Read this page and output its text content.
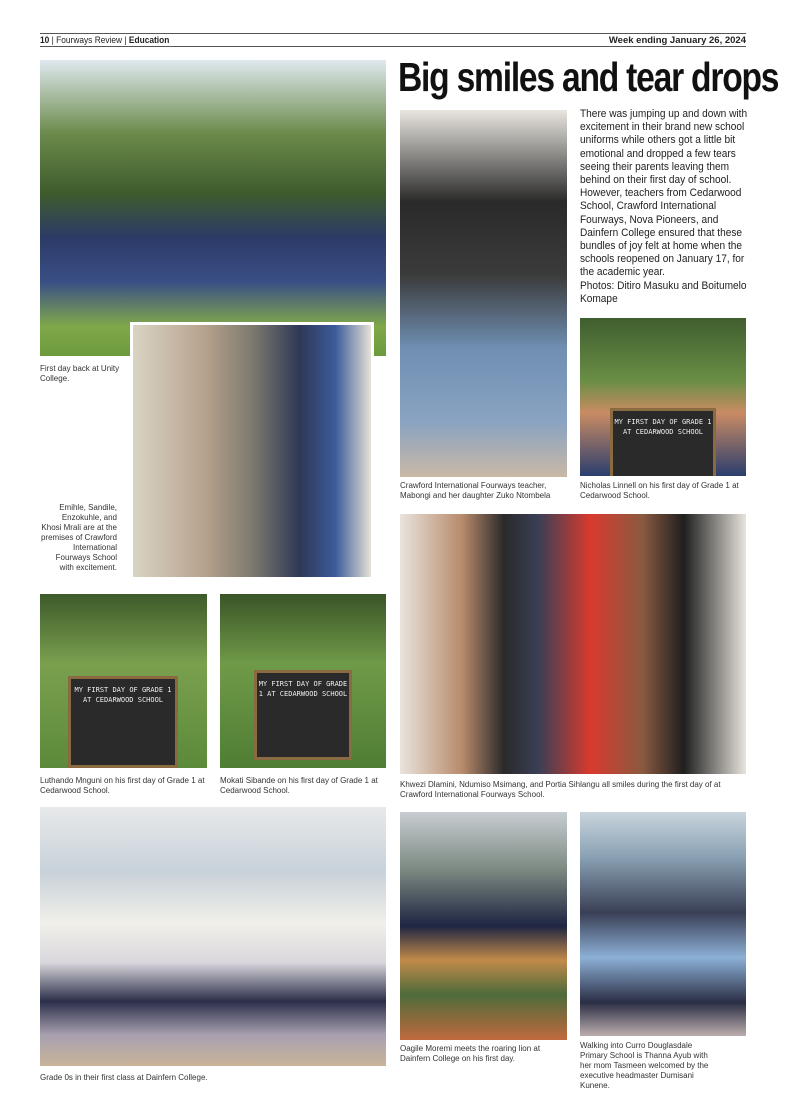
10 | Fourways Review | Education	Week ending January 26, 2024
Big smiles and tear drops
First day back at Unity College.
Emihle, Sandile, Enzokuhle, and Khosi Mrali are at the premises of Crawford International Fourways School with excitement.
Crawford International Fourways teacher, Mabongi and her daughter Zuko Ntombela
There was jumping up and down with excitement in their brand new school uniforms while others got a little bit emotional and dropped a few tears seeing their parents leaving them behind on their first day of school. However, teachers from Cedarwood School, Crawford International Fourways, Nova Pioneers, and Dainfern College ensured that these bundles of joy felt at home when the schools reopened on January 17, for the academic year.
Photos: Ditiro Masuku and Boitumelo Komape
MY FIRST DAY OF GRADE 1 AT CEDARWOOD SCHOOL
Nicholas Linnell on his first day of Grade 1 at Cedarwood School.
Khwezi Dlamini, Ndumiso Msimang, and Portia Sihlangu all smiles during the first day of at Crawford International Fourways School.
MY FIRST DAY OF GRADE 1 AT CEDARWOOD SCHOOL
Luthando Mnguni on his first day of Grade 1 at Cedarwood School.
MY FIRST DAY OF GRADE 1 AT CEDARWOOD SCHOOL
Mokati Sibande on his first day of Grade 1 at Cedarwood School.
Grade 0s in their first class at Dainfern College.
Oagile Moremi meets the roaring lion at Dainfern College on his first day.
Walking into Curro Douglasdale Primary School is Thanna Ayub with her mom Tasmeen welcomed by the executive headmaster Dumisani Kunene.
